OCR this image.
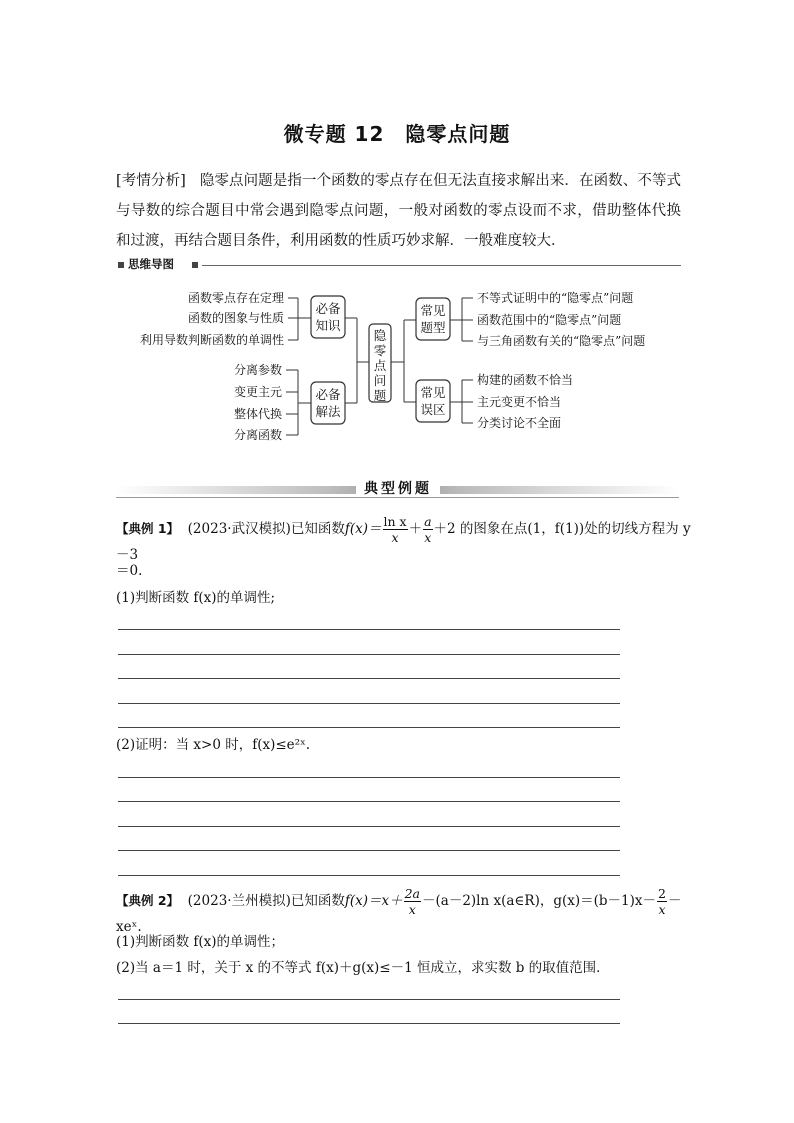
微专题 12　隐零点问题
[考情分析] 隐零点问题是指一个函数的零点存在但无法直接求解出来．在函数、不等式与导数的综合题目中常会遇到隐零点问题，一般对函数的零点设而不求，借助整体代换和过渡，再结合题目条件，利用函数的性质巧妙求解．一般难度较大．
思维导图
必备
知识
必备
解法
常见
题型
常见
误区
隐
零
点
问
题
函数零点存在定理
函数的图象与性质
利用导数判断函数的单调性
分离参数
变更主元
整体代换
分离函数
不等式证明中的“隐零点”问题
函数范围中的“隐零点”问题
与三角函数有关的“隐零点”问题
构建的函数不恰当
主元变更不恰当
分类讨论不全面
典型例题
【典例 1】 (2023·武汉模拟)已知函数$f(x)= \frac{\text{ln x}}{x} + \frac{a}{x} +2$ 的图象在点(1，f(1))处的切线方程为 y－3
＝0.
(1)判断函数 f(x)的单调性;
(2)证明：当 x>0 时，f(x)≤e²ˣ.
【典例 2】 (2023·兰州模拟)已知函数$f(x)=x+ \frac{2a}{x} -(a-2)\ln$ x(a∈R)，$g(x)=(b-1)x- \frac{2}{x}$ －xeˣ.
(1)判断函数 f(x)的单调性；
(2)当 a＝1 时，关于 x 的不等式 f(x)＋g(x)≤－1 恒成立，求实数 b 的取值范围．
